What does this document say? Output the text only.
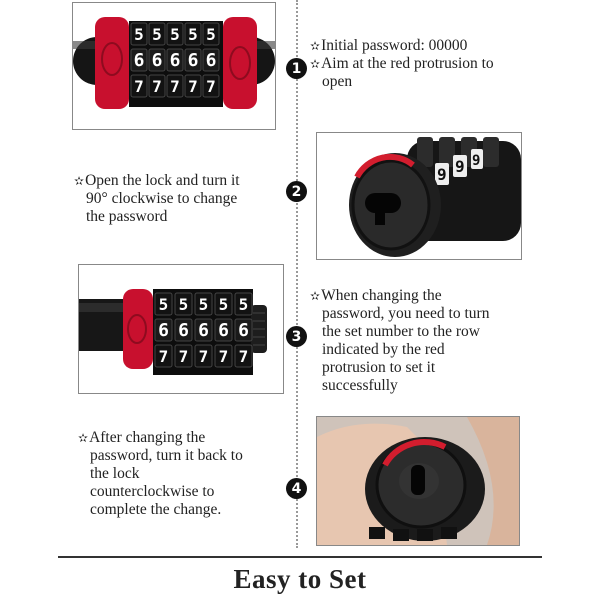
5 5 5 5 5
6 6 6 6 6
7 7 7 7 7
1

✫Initial password: 00000

✫Aim at the red protrusion to

open

✫Open the lock and turn it

90° clockwise to change

the password

2
9 9 9
5 5 5 5 5
6 6 6 6 6
7 7 7 7 7
3

✫When changing the

password, you need to turn

the set number to the row

indicated by the red

protrusion to set it

successfully

✫After changing the

password, turn it back to

the lock

counterclockwise to

complete the change.

4
Easy to Set
